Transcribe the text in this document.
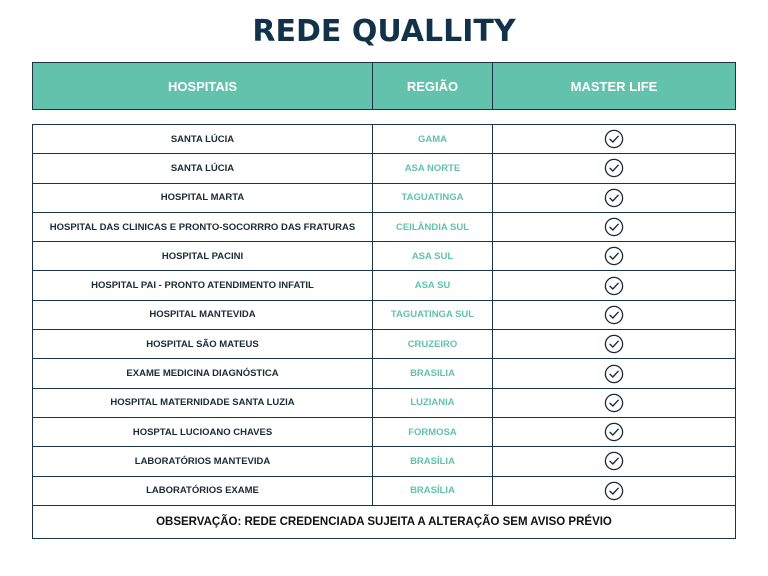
REDE QUALLITY
HOSPITAIS	REGIÃO	MASTER LIFE
SANTA LÚCIA	GAMA
SANTA LÚCIA	ASA NORTE
HOSPITAL MARTA	TAGUATINGA
HOSPITAL DAS CLINICAS E PRONTO-SOCORRRO DAS FRATURAS	CEILÂNDIA SUL
HOSPITAL PACINI	ASA SUL
HOSPITAL PAI - PRONTO ATENDIMENTO INFATIL	ASA SU
HOSPITAL MANTEVIDA	TAGUATINGA SUL
HOSPITAL SÃO MATEUS	CRUZEIRO
EXAME MEDICINA DIAGNÓSTICA	BRASILIA
HOSPITAL MATERNIDADE SANTA LUZIA	LUZIANIA
HOSPTAL LUCIOANO CHAVES	FORMOSA
LABORATÓRIOS MANTEVIDA	BRASÍLIA
LABORATÓRIOS EXAME	BRASÍLIA
OBSERVAÇÃO: REDE CREDENCIADA SUJEITA A ALTERAÇÃO SEM AVISO PRÉVIO
